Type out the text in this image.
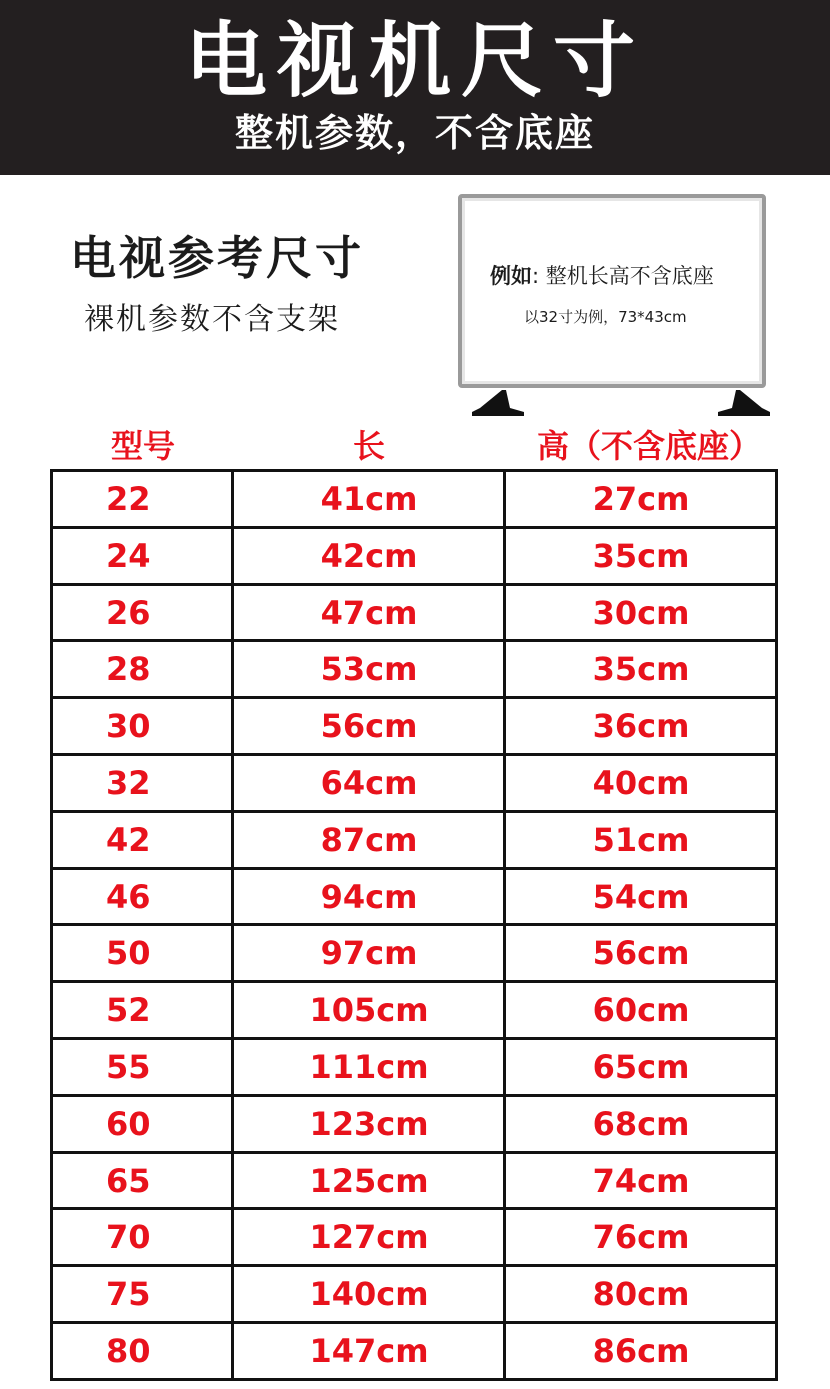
电视机尺寸
整机参数，不含底座
电视参考尺寸
裸机参数不含支架
例如: 整机长高不含底座
以32寸为例，73*43cm
型号	长	高（不含底座）
22	41cm	27cm
24	42cm	35cm
26	47cm	30cm
28	53cm	35cm
30	56cm	36cm
32	64cm	40cm
42	87cm	51cm
46	94cm	54cm
50	97cm	56cm
52	105cm	60cm
55	111cm	65cm
60	123cm	68cm
65	125cm	74cm
70	127cm	76cm
75	140cm	80cm
80	147cm	86cm
